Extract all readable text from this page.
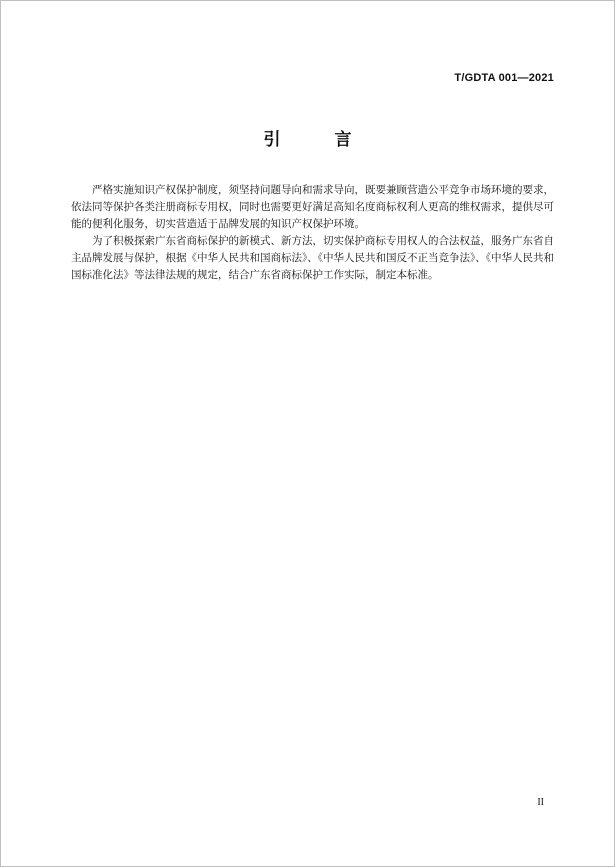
T/GDTA 001—2021
引 言

严格实施知识产权保护制度，须坚持问题导向和需求导向，既要兼顾营造公平竞争市场环境的要求，依法同等保护各类注册商标专用权，同时也需要更好满足高知名度商标权利人更高的维权需求，提供尽可能的便利化服务，切实营造适于品牌发展的知识产权保护环境。

为了积极探索广东省商标保护的新模式、新方法，切实保护商标专用权人的合法权益，服务广东省自主品牌发展与保护，根据《中华人民共和国商标法》、《中华人民共和国反不正当竞争法》、《中华人民共和国标准化法》等法律法规的规定，结合广东省商标保护工作实际，制定本标准。

II
